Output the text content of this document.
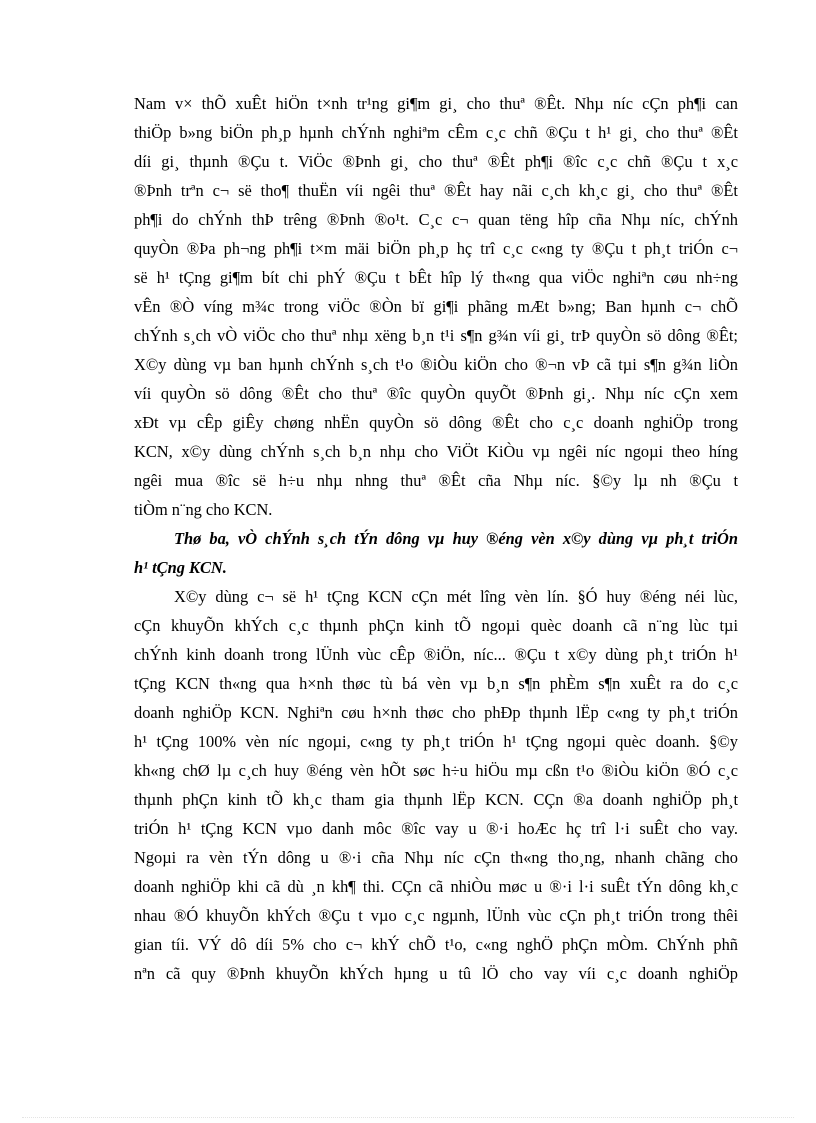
Nam v× thÕ xuÊt hiÖn t×nh tr¹ng gi¶m gi¸ cho thuª ®Êt. Nhµ níc cÇn ph¶i can
thiÖp b»ng biÖn ph¸p hµnh chÝnh nghiªm cÊm c¸c chñ ®Çu t h¹ gi¸ cho thuª ®Êt
díi gi¸ thµnh ®Çu t. ViÖc ®Þnh gi¸ cho thuª ®Êt ph¶i ®îc c¸c chñ ®Çu t x¸c
®Þnh trªn c¬ së tho¶ thuËn víi ngêi thuª ®Êt hay nãi c¸ch kh¸c gi¸ cho thuª ®Êt
ph¶i do chÝnh thÞ trêng ®Þnh ®o¹t. C¸c c¬ quan tëng hîp cña Nhµ níc, chÝnh
quyÒn ®Þa ph¬ng ph¶i t×m mäi biÖn ph¸p hç trî c¸c c«ng ty ®Çu t ph¸t triÓn c¬
së h¹ tÇng gi¶m bít chi phÝ ®Çu t bÊt hîp lý th«ng qua viÖc nghiªn cøu nh÷ng
vÊn ®Ò víng m¾c trong viÖc ®Òn bï gi¶i phãng mÆt b»ng; Ban hµnh c¬ chÕ
chÝnh s¸ch vÒ viÖc cho thuª nhµ xëng b¸n t¹i s¶n g¾n víi gi¸ trÞ quyÒn sö dông ®Êt;
X©y dùng vµ ban hµnh chÝnh s¸ch t¹o ®iÒu kiÖn cho ®¬n vÞ cã tµi s¶n g¾n liÒn
víi quyÒn sö dông ®Êt cho thuª ®îc quyÒn quyÕt ®Þnh gi¸. Nhµ níc cÇn xem
xÐt vµ cÊp giÊy chøng nhËn quyÒn sö dông ®Êt cho c¸c doanh nghiÖp trong
KCN, x©y dùng chÝnh s¸ch b¸n nhµ cho ViÖt KiÒu vµ ngêi níc ngoµi theo híng
ngêi mua ®îc së h÷u nhµ nhng thuª ®Êt cña Nhµ níc. §©y lµ nh ®Çu t
tiÒm n¨ng cho KCN.
Thø ba, vÒ chÝnh s¸ch tÝn dông vµ huy ®éng vèn x©y dùng vµ ph¸t triÓn
h¹ tÇng KCN.
X©y dùng c¬ së h¹ tÇng KCN cÇn mét lîng vèn lín. §Ó huy ®éng néi lùc,
cÇn khuyÕn khÝch c¸c thµnh phÇn kinh tÕ ngoµi quèc doanh cã n¨ng lùc tµi
chÝnh kinh doanh trong lÜnh vùc cÊp ®iÖn, níc... ®Çu t x©y dùng ph¸t triÓn h¹
tÇng KCN th«ng qua h×nh thøc tù bá vèn vµ b¸n s¶n phÈm s¶n xuÊt ra do c¸c
doanh nghiÖp KCN. Nghiªn cøu h×nh thøc cho phÐp thµnh lËp c«ng ty ph¸t triÓn
h¹ tÇng 100% vèn níc ngoµi, c«ng ty ph¸t triÓn h¹ tÇng ngoµi quèc doanh. §©y
kh«ng chØ lµ c¸ch huy ®éng vèn hÕt søc h÷u hiÖu mµ cßn t¹o ®iÒu kiÖn ®Ó c¸c
thµnh phÇn kinh tÕ kh¸c tham gia thµnh lËp KCN. CÇn ®a doanh nghiÖp ph¸t
triÓn h¹ tÇng KCN vµo danh môc ®îc vay u ®·i hoÆc hç trî l·i suÊt cho vay.
Ngoµi ra vèn tÝn dông u ®·i cña Nhµ níc cÇn th«ng tho¸ng, nhanh chãng cho
doanh nghiÖp khi cã dù ¸n kh¶ thi. CÇn cã nhiÒu møc u ®·i l·i suÊt tÝn dông kh¸c
nhau ®Ó khuyÕn khÝch ®Çu t vµo c¸c ngµnh, lÜnh vùc cÇn ph¸t triÓn trong thêi
gian tíi. VÝ dô díi 5% cho c¬ khÝ chÕ t¹o, c«ng nghÖ phÇn mÒm. ChÝnh phñ
nªn cã quy ®Þnh khuyÕn khÝch hµng u tû lÖ cho vay víi c¸c doanh nghiÖp
